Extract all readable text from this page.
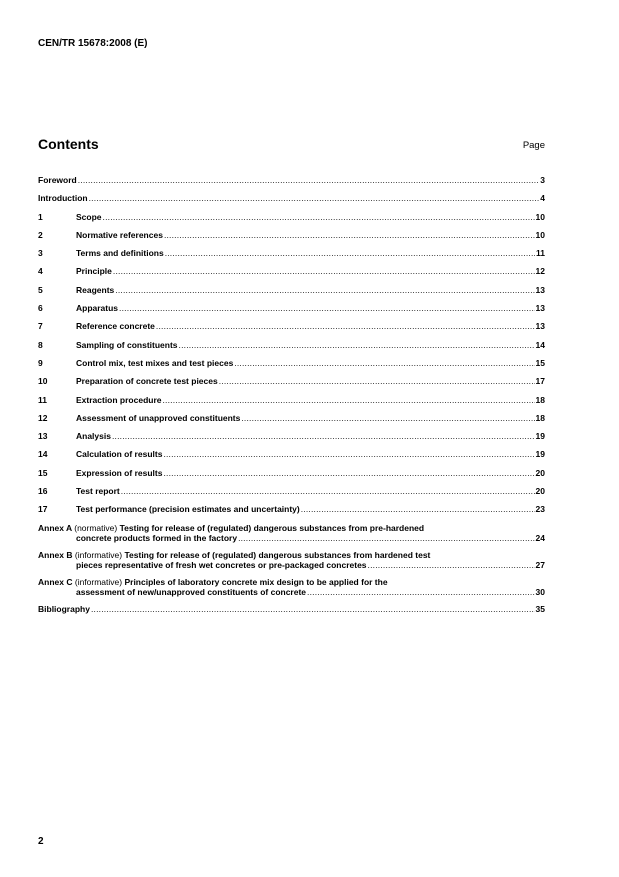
CEN/TR 15678:2008 (E)
Contents	Page
Foreword .....	3
Introduction .....	4
1	Scope .....	10
2	Normative references .....	10
3	Terms and definitions .....	11
4	Principle .....	12
5	Reagents .....	13
6	Apparatus .....	13
7	Reference concrete .....	13
8	Sampling of constituents .....	14
9	Control mix, test mixes and test pieces .....	15
10	Preparation of concrete test pieces .....	17
11	Extraction procedure .....	18
12	Assessment of unapproved constituents .....	18
13	Analysis .....	19
14	Calculation of results .....	19
15	Expression of results .....	20
16	Test report .....	20
17	Test performance (precision estimates and uncertainty) .....	23
Annex A (normative) Testing for release of (regulated) dangerous substances from pre-hardened
concrete products formed in the factory .....	24
Annex B (informative) Testing for release of (regulated) dangerous substances from hardened test
pieces representative of fresh wet concretes or pre-packaged concretes .....	27
Annex C (informative) Principles of laboratory concrete mix design to be applied for the
assessment of new/unapproved constituents of concrete .....	30
Bibliography .....	35
2
